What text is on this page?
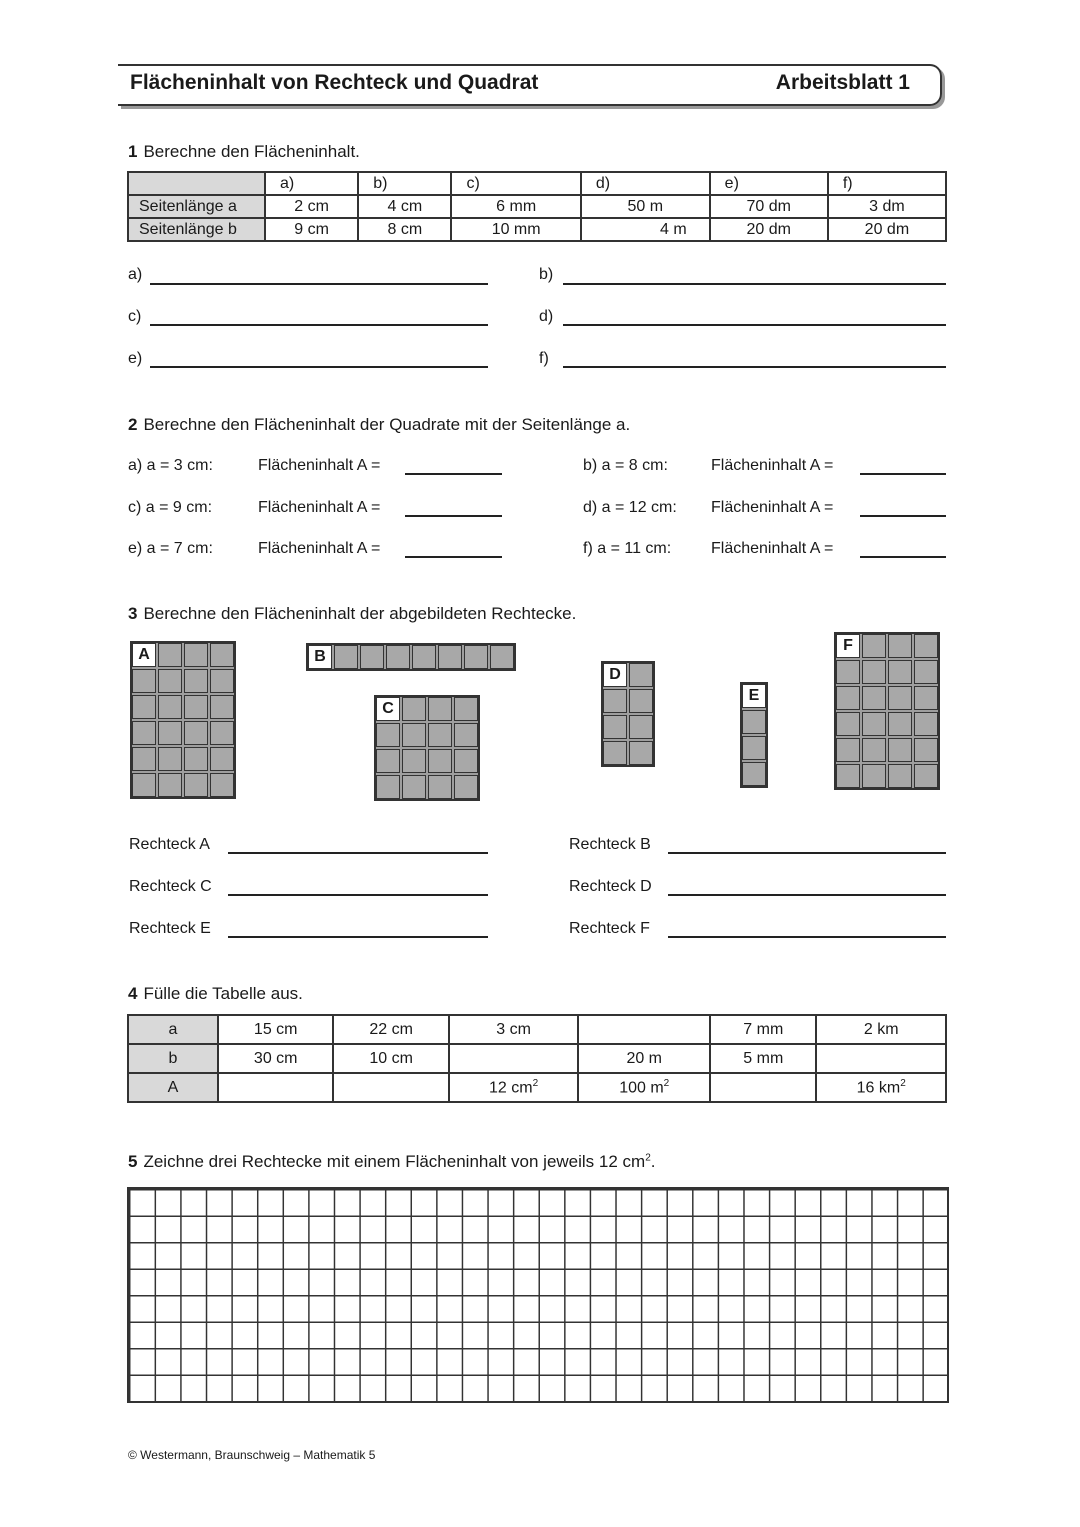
Flächeninhalt von Rechteck und Quadrat	Arbeitsblatt 1
1 Berechne den Flächeninhalt.
	a)	b)	c)	d)	e)	f)
Seitenlänge a	2 cm	4 cm	6 mm	50 m	70 dm	3 dm
Seitenlänge b	9 cm	8 cm	10 mm	4 m	20 dm	20 dm
a)	b)
c)	d)
e)	f)
2 Berechne den Flächeninhalt der Quadrate mit der Seitenlänge a.
a) a = 3 cm:	Flächeninhalt A =	b) a = 8 cm:	Flächeninhalt A =
c) a = 9 cm:	Flächeninhalt A =	d) a = 12 cm: Flächeninhalt A =
e) a = 7 cm:	Flächeninhalt A =	f) a = 11 cm: Flächeninhalt A =
3 Berechne den Flächeninhalt der abgebildeten Rechtecke.
A	B
C
D
E
F
Rechteck A	Rechteck B
Rechteck C	Rechteck D
Rechteck E	Rechteck F
4 Fülle die Tabelle aus.
a	15 cm	22 cm	3 cm		7 mm	2 km
b	30 cm	10 cm		20 m	5 mm	
A			12 $cm^2$	100 $m^2$		16 $km^2$
5 Zeichne drei Rechtecke mit einem Flächeninhalt von jeweils 12 $cm^2$.
© Westermann, Braunschweig – Mathematik 5
